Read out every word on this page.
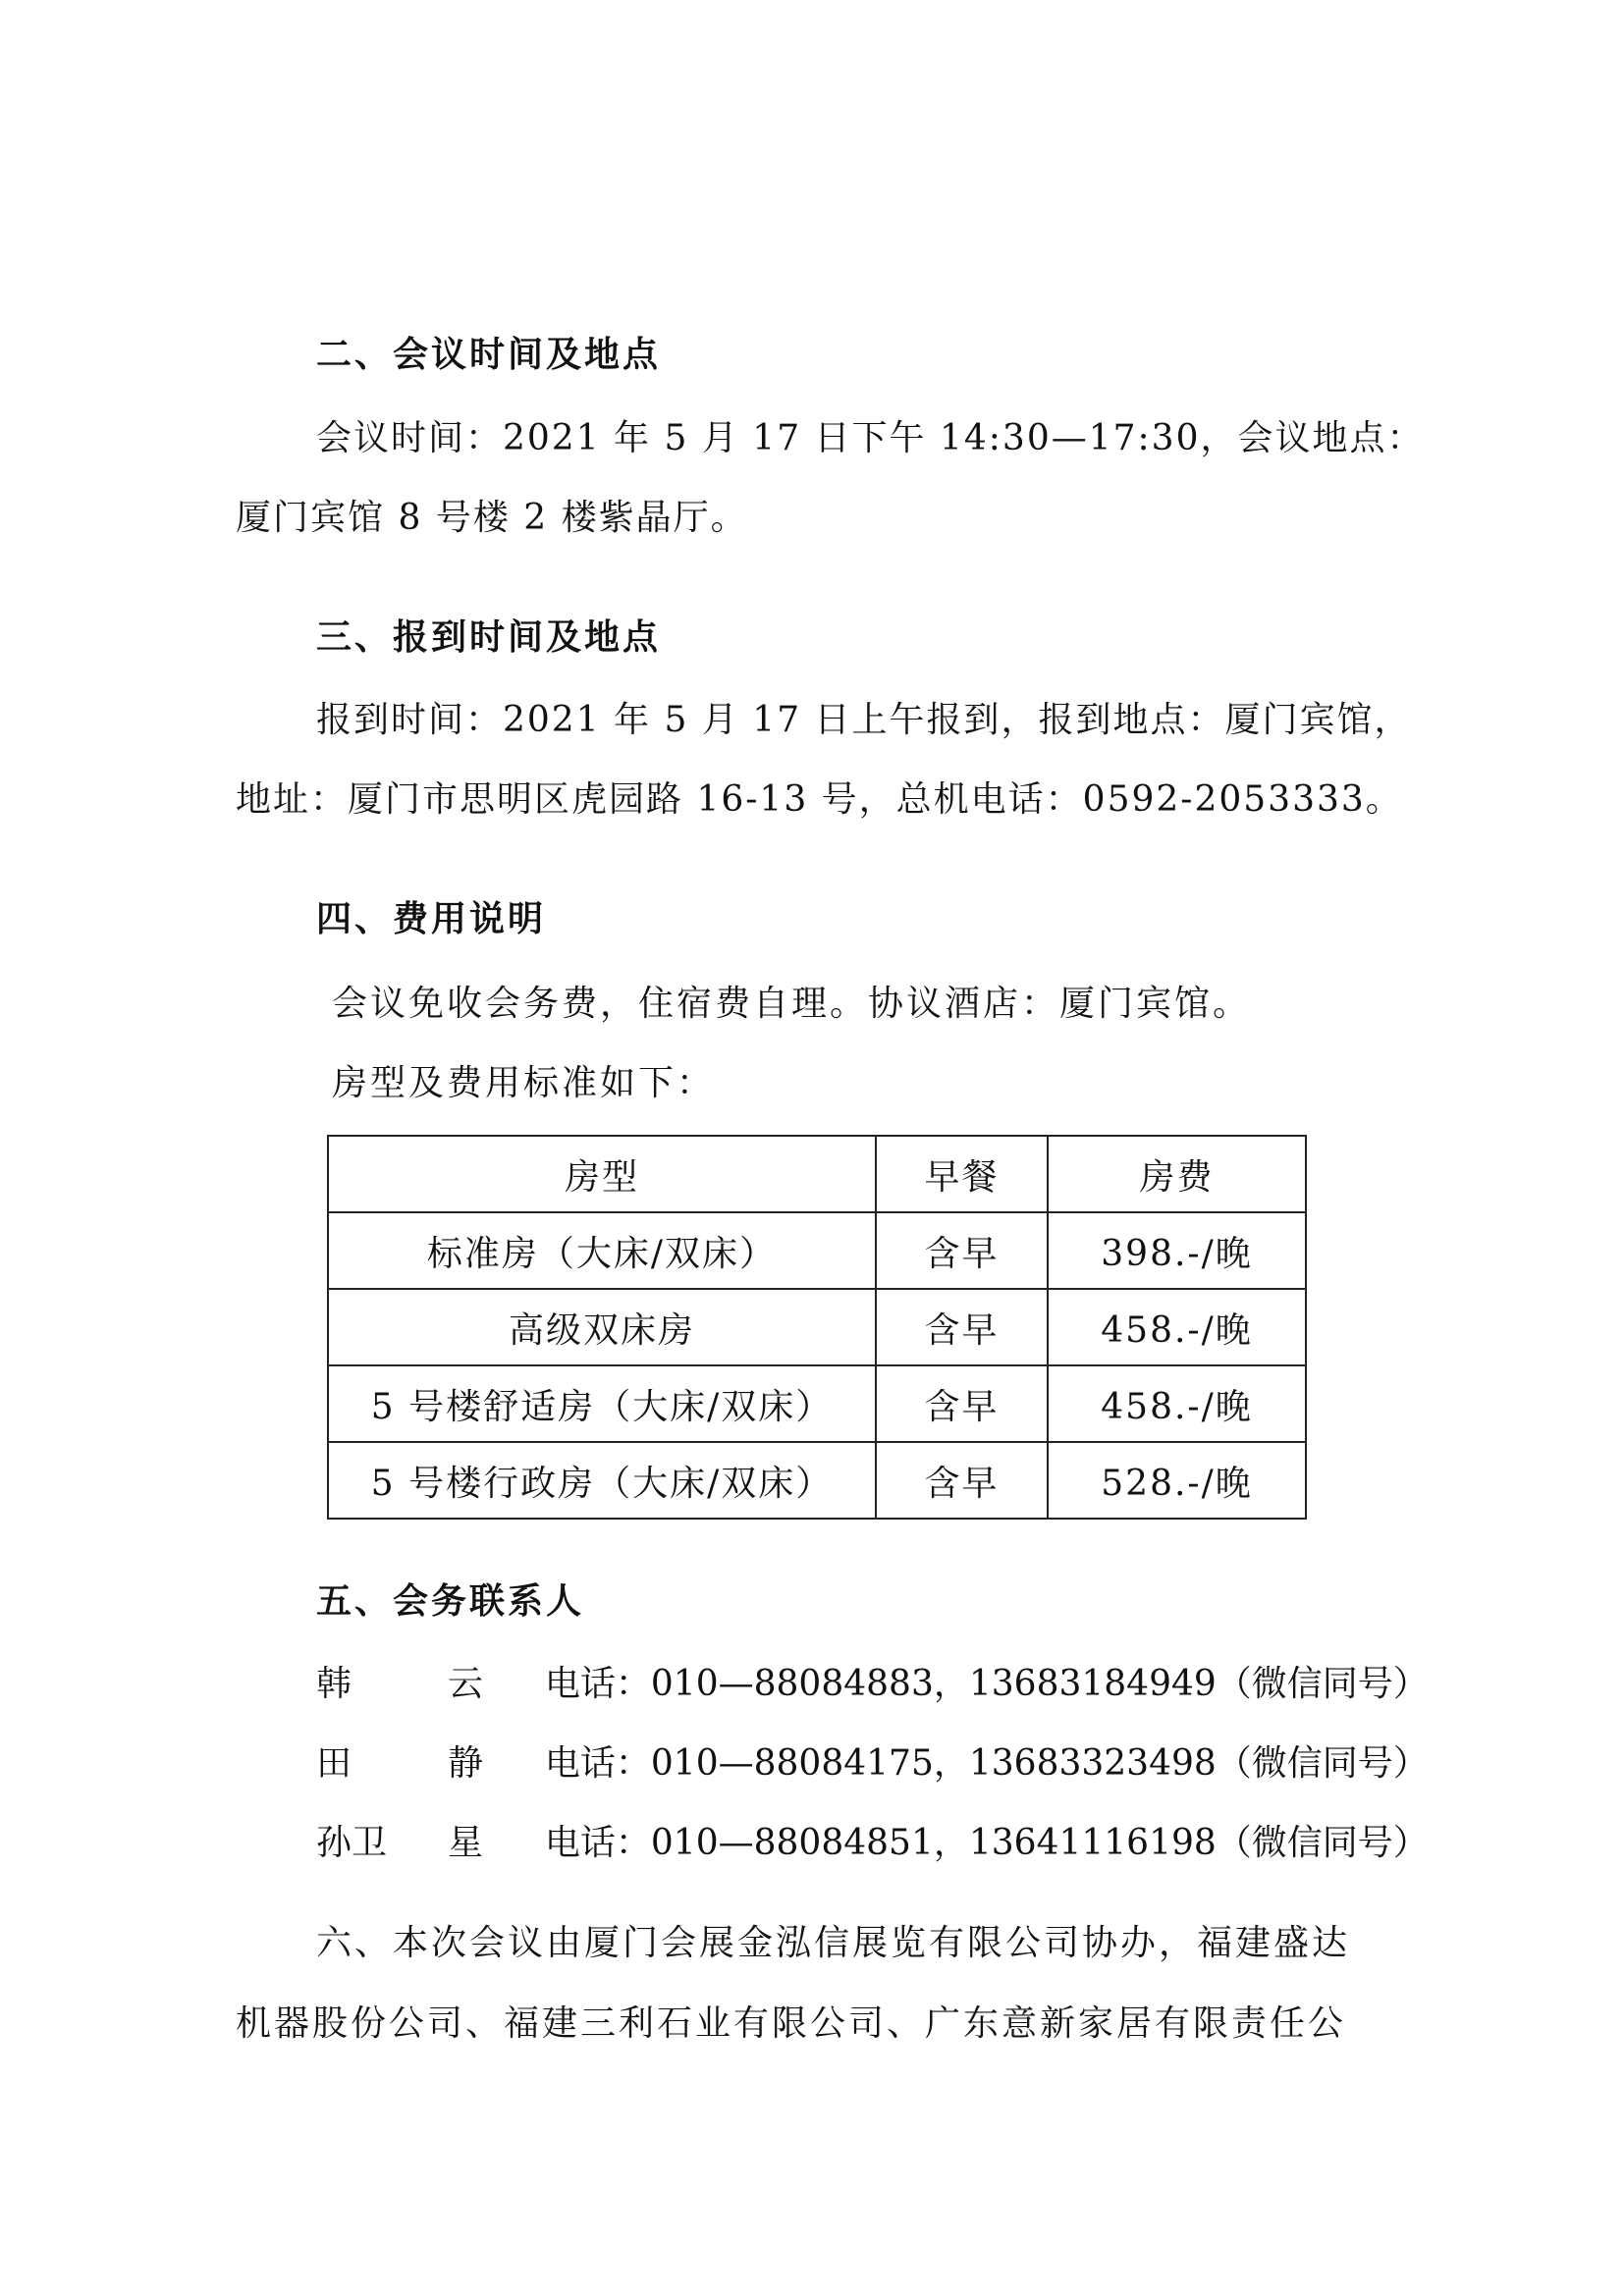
二、会议时间及地点
会议时间：2021 年 5 月 17 日下午 14:30—17:30，会议地点：
厦门宾馆 8 号楼 2 楼紫晶厅。
三、报到时间及地点
报到时间：2021 年 5 月 17 日上午报到，报到地点：厦门宾馆，
地址：厦门市思明区虎园路 16-13 号，总机电话：0592-2053333。
四、费用说明
会议免收会务费，住宿费自理。协议酒店：厦门宾馆。
房型及费用标准如下：
房型	早餐	房费
标准房（大床/双床）	含早	398.-/晚
高级双床房	含早	458.-/晚
5 号楼舒适房（大床/双床）	含早	458.-/晚
5 号楼行政房（大床/双床）	含早	528.-/晚
五、会务联系人
韩	云 电话：010—88084883，13683184949（微信同号）
田	静 电话：010—88084175，13683323498（微信同号）
孙卫 星 电话：010—88084851，13641116198（微信同号）
六、本次会议由厦门会展金泓信展览有限公司协办，福建盛达
机器股份公司、福建三利石业有限公司、广东意新家居有限责任公
